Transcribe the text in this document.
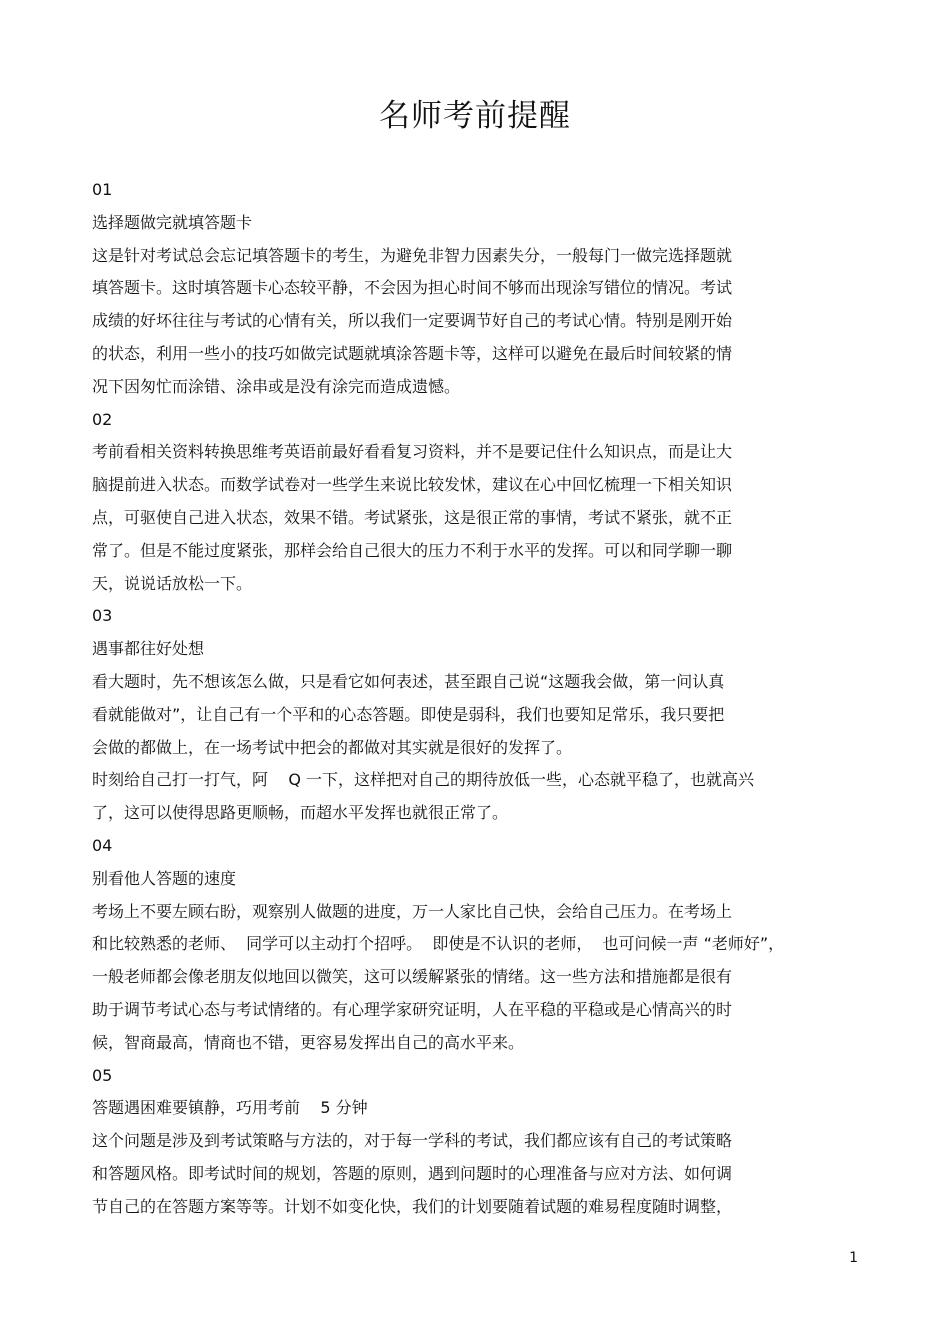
名师考前提醒
01
选择题做完就填答题卡
这是针对考试总会忘记填答题卡的考生，为避免非智力因素失分，一般每门一做完选择题就
填答题卡。这时填答题卡心态较平静，不会因为担心时间不够而出现涂写错位的情况。考试
成绩的好坏往往与考试的心情有关，所以我们一定要调节好自己的考试心情。特别是刚开始
的状态，利用一些小的技巧如做完试题就填涂答题卡等，这样可以避免在最后时间较紧的情
况下因匆忙而涂错、涂串或是没有涂完而造成遗憾。
02
考前看相关资料转换思维考英语前最好看看复习资料，并不是要记住什么知识点，而是让大
脑提前进入状态。而数学试卷对一些学生来说比较发怵，建议在心中回忆梳理一下相关知识
点，可驱使自己进入状态，效果不错。考试紧张，这是很正常的事情，考试不紧张，就不正
常了。但是不能过度紧张，那样会给自己很大的压力不利于水平的发挥。可以和同学聊一聊
天，说说话放松一下。
03
遇事都往好处想
看大题时，先不想该怎么做，只是看它如何表述，甚至跟自己说“这题我会做，第一问认真
看就能做对”，让自己有一个平和的心态答题。即使是弱科，我们也要知足常乐，我只要把
会做的都做上，在一场考试中把会的都做对其实就是很好的发挥了。
时刻给自己打一打气，阿    Q 一下，这样把对自己的期待放低一些，心态就平稳了，也就高兴
了，这可以使得思路更顺畅，而超水平发挥也就很正常了。
04
别看他人答题的速度
考场上不要左顾右盼，观察别人做题的进度，万一人家比自己快，会给自己压力。在考场上
和比较熟悉的老师、  同学可以主动打个招呼。  即使是不认识的老师，  也可问候一声 “老师好”，
一般老师都会像老朋友似地回以微笑，这可以缓解紧张的情绪。这一些方法和措施都是很有
助于调节考试心态与考试情绪的。有心理学家研究证明，人在平稳的平稳或是心情高兴的时
候，智商最高，情商也不错，更容易发挥出自己的高水平来。
05
答题遇困难要镇静，巧用考前    5 分钟
这个问题是涉及到考试策略与方法的，对于每一学科的考试，我们都应该有自己的考试策略
和答题风格。即考试时间的规划，答题的原则，遇到问题时的心理准备与应对方法、如何调
节自己的在答题方案等等。计划不如变化快，我们的计划要随着试题的难易程度随时调整，
1
